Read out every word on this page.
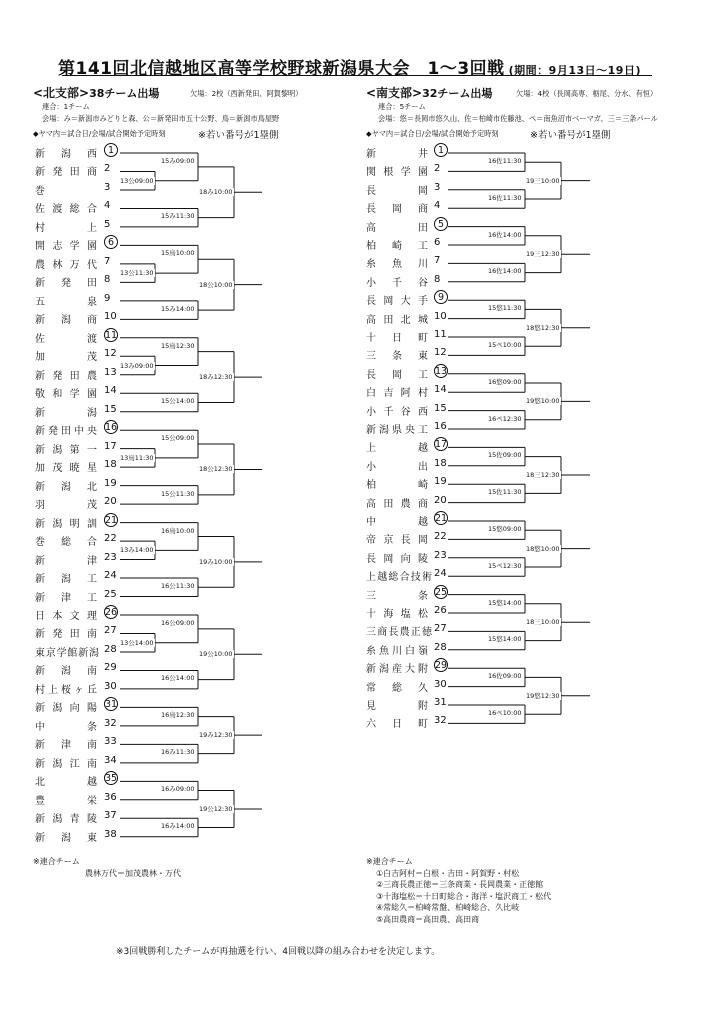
第141回北信越地区高等学校野球新潟県大会　1～3回戦 (期間：9月13日～19日)
<北支部>38チーム出場	欠場：2校（西新発田、阿賀黎明）
連合：1チーム
会場：み＝新潟市みどりと森、公＝新発田市五十公野、鳥＝新潟市鳥屋野
◆ヤマ内＝試合日/会場/試合開始予定時刻	※若い番号が1塁側
<南支部>32チーム出場	欠場：4校（長岡高専、栃尾、分水、有恒）
連合：5チーム
会場：悠＝長岡市悠久山、佐＝柏崎市佐藤池、ペ＝南魚沼市ベーマガ、三＝三条パール
◆ヤマ内＝試合日/会場/試合開始予定時刻	※若い番号が1塁側
新潟西	1
新発田商 2
巻	3
佐渡総合 4
村上 5
開志学園	6
農林万代 7
新発田 8
五泉 9
新潟商 10
佐渡 11
加茂 12
新発田農 13
敬和学園 14
新潟 15
新発田中央 16
新潟第一 17
加茂暁星 18
新潟北 19
羽茂 20
新潟明訓 21
巻総合 22
新津 23
新潟工 24
新津工 25
日本文理 26
新発田南 27
東京学館新潟 28
新潟南 29
村上桜ヶ丘 30
新潟向陽 31
中条 32
新津南 33
新潟江南 34
北越 35
豊栄 36
新潟青陵 37
新潟東 38
13公09:00
15み09:00
15み11:30
18み10:00
13公11:30
15鳥10:00
15み14:00
18公10:00
13み09:00
15鳥12:30
15公14:00
18み12:30
13鳥11:30
15公09:00
15公11:30
18公12:30
13み14:00
16鳥10:00
16公11:30
19み10:00
13公14:00
16公09:00
16公14:00
19公10:00
16鳥12:30
16み11:30
19み12:30
16み09:00
16み14:00
19公12:30
新井	1
関根学園 2
長岡 3
長岡商 4
高田	5
柏崎工 6
糸魚川 7
小千谷 8
長岡大手	9
高田北城 10
十日町 11
三条東 12
長岡工 13
白吉阿村 14
小千谷西 15
新潟県央工 16
上越 17
小出 18
柏崎 19
高田農商 20
中越 21
帝京長岡 22
長岡向陵 23
上越総合技術 24
三条 25
十海塩松 26
三商長農正徳 27
糸魚川白嶺 28
新潟産大附 29
常総久 30
見附 31
六日町 32
16佐11:30
16佐11:30
19三10:00
16佐14:00
16佐14:00
19三12:30
15悠11:30
15ペ10:00
18悠12:30
16悠09:00
16ペ12:30
19悠10:00
15佐09:00
15佐11:30
18三12:30
15悠09:00
15ペ12:30
18悠10:00
15悠14:00
15悠14:00
18三10:00
16佐09:00
16ペ10:00
19悠12:30
※連合チーム
農林万代＝加茂農林・万代
※連合チーム
①白吉阿村＝白根・吉田・阿賀野・村松
②三商長農正徳＝三条商業・長岡農業・正徳館
③十海塩松＝十日町総合・海洋・塩沢商工・松代
④常総久＝柏崎常盤、柏崎総合、久比岐
⑤高田農商＝高田農、高田商
※3回戦勝利したチームが再抽選を行い、4回戦以降の組み合わせを決定します。
